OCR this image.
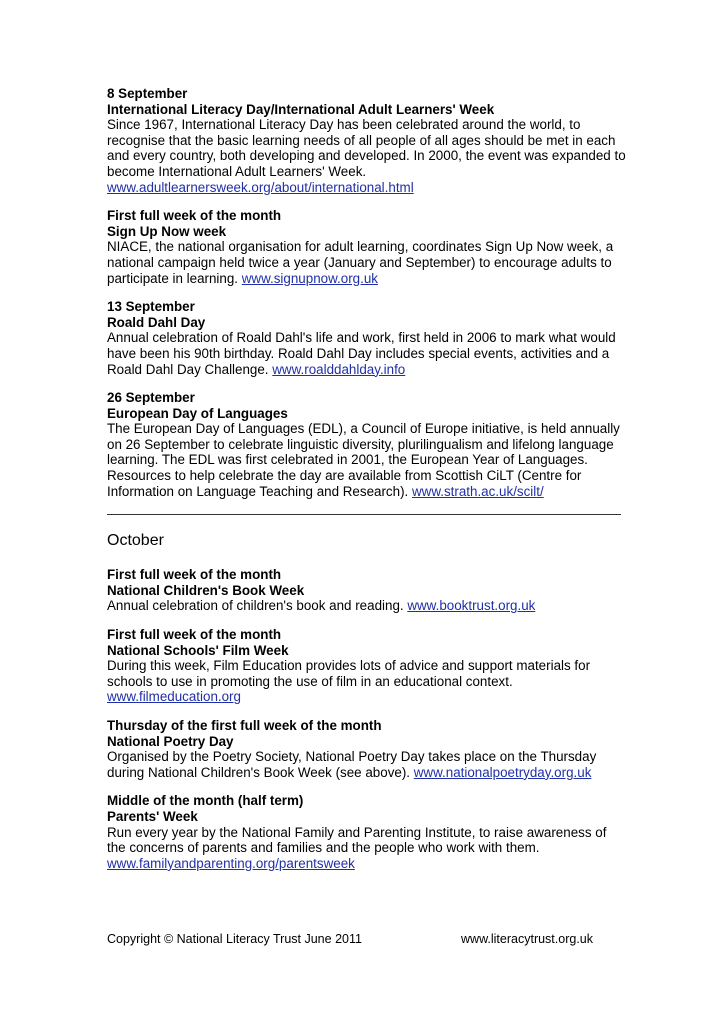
8 September
International Literacy Day/International Adult Learners' Week
Since 1967, International Literacy Day has been celebrated around the world, to recognise that the basic learning needs of all people of all ages should be met in each and every country, both developing and developed. In 2000, the event was expanded to become International Adult Learners' Week.
www.adultlearnersweek.org/about/international.html
First full week of the month
Sign Up Now week
NIACE, the national organisation for adult learning, coordinates Sign Up Now week, a national campaign held twice a year (January and September) to encourage adults to participate in learning. www.signupnow.org.uk
13 September
Roald Dahl Day
Annual celebration of Roald Dahl's life and work, first held in 2006 to mark what would have been his 90th birthday. Roald Dahl Day includes special events, activities and a Roald Dahl Day Challenge. www.roalddahlday.info
26 September
European Day of Languages
The European Day of Languages (EDL), a Council of Europe initiative, is held annually on 26 September to celebrate linguistic diversity, plurilingualism and lifelong language learning. The EDL was first celebrated in 2001, the European Year of Languages. Resources to help celebrate the day are available from Scottish CiLT (Centre for Information on Language Teaching and Research). www.strath.ac.uk/scilt/
October
First full week of the month
National Children's Book Week
Annual celebration of children's book and reading. www.booktrust.org.uk
First full week of the month
National Schools' Film Week
During this week, Film Education provides lots of advice and support materials for schools to use in promoting the use of film in an educational context.
www.filmeducation.org
Thursday of the first full week of the month
National Poetry Day
Organised by the Poetry Society, National Poetry Day takes place on the Thursday during National Children's Book Week (see above). www.nationalpoetryday.org.uk
Middle of the month (half term)
Parents' Week
Run every year by the National Family and Parenting Institute, to raise awareness of the concerns of parents and families and the people who work with them.
www.familyandparenting.org/parentsweek
Copyright © National Literacy Trust June 2011	www.literacytrust.org.uk
